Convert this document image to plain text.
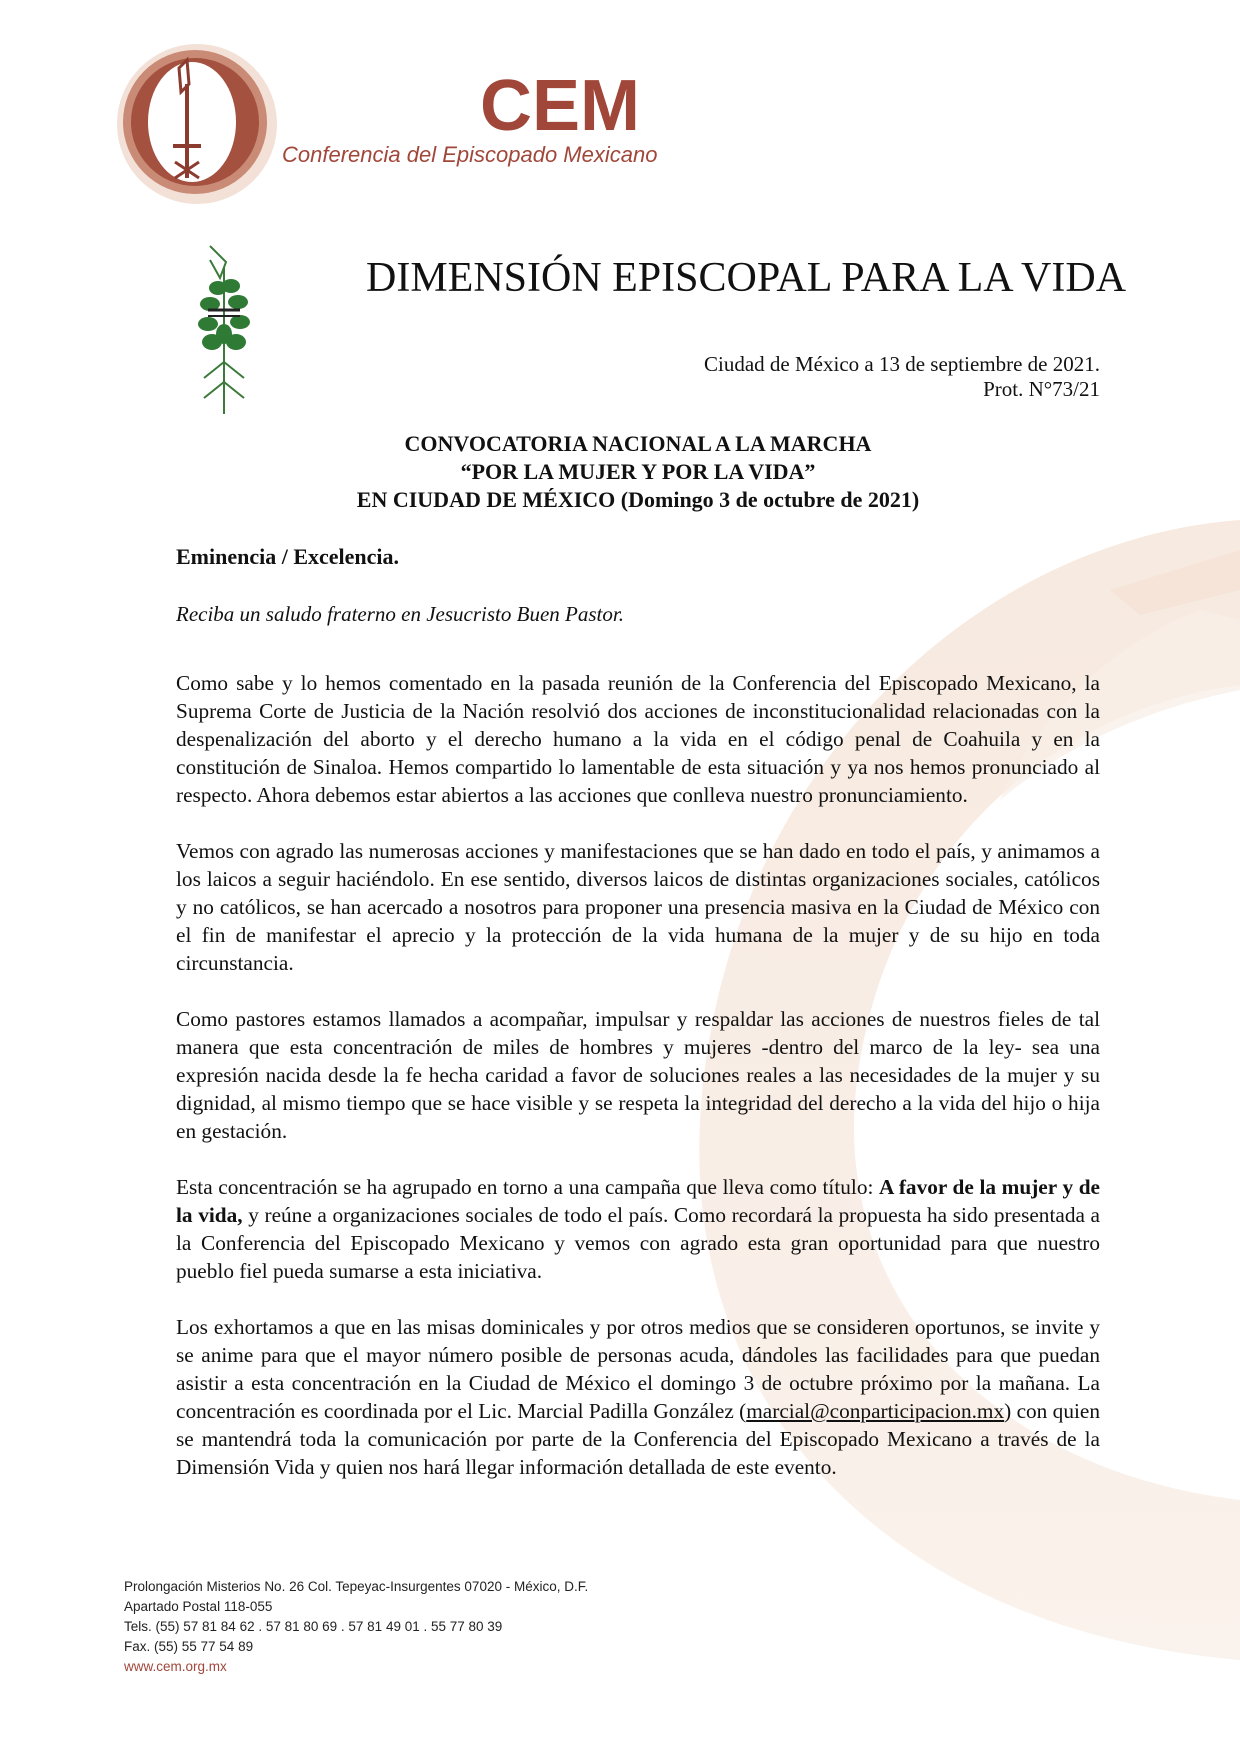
CEM
Conferencia del Episcopado Mexicano
DIMENSIÓN EPISCOPAL PARA LA VIDA
Ciudad de México a 13 de septiembre de 2021.
Prot. N°73/21
CONVOCATORIA NACIONAL A LA MARCHA
“POR LA MUJER Y POR LA VIDA”
EN CIUDAD DE MÉXICO (Domingo 3 de octubre de 2021)
Eminencia / Excelencia.
Reciba un saludo fraterno en Jesucristo Buen Pastor.

Como sabe y lo hemos comentado en la pasada reunión de la Conferencia del Episcopado Mexicano, la Suprema Corte de Justicia de la Nación resolvió dos acciones de inconstitucionalidad relacionadas con la despenalización del aborto y el derecho humano a la vida en el código penal de Coahuila y en la constitución de Sinaloa. Hemos compartido lo lamentable de esta situación y ya nos hemos pronunciado al respecto. Ahora debemos estar abiertos a las acciones que conlleva nuestro pronunciamiento.

Vemos con agrado las numerosas acciones y manifestaciones que se han dado en todo el país, y animamos a los laicos a seguir haciéndolo. En ese sentido, diversos laicos de distintas organizaciones sociales, católicos y no católicos, se han acercado a nosotros para proponer una presencia masiva en la Ciudad de México con el fin de manifestar el aprecio y la protección de la vida humana de la mujer y de su hijo en toda circunstancia.

Como pastores estamos llamados a acompañar, impulsar y respaldar las acciones de nuestros fieles de tal manera que esta concentración de miles de hombres y mujeres -dentro del marco de la ley- sea una expresión nacida desde la fe hecha caridad a favor de soluciones reales a las necesidades de la mujer y su dignidad, al mismo tiempo que se hace visible y se respeta la integridad del derecho a la vida del hijo o hija en gestación.

Esta concentración se ha agrupado en torno a una campaña que lleva como título: A favor de la mujer y de la vida, y reúne a organizaciones sociales de todo el país. Como recordará la propuesta ha sido presentada a la Conferencia del Episcopado Mexicano y vemos con agrado esta gran oportunidad para que nuestro pueblo fiel pueda sumarse a esta iniciativa.

Los exhortamos a que en las misas dominicales y por otros medios que se consideren oportunos, se invite y se anime para que el mayor número posible de personas acuda, dándoles las facilidades para que puedan asistir a esta concentración en la Ciudad de México el domingo 3 de octubre próximo por la mañana. La concentración es coordinada por el Lic. Marcial Padilla González (marcial@conparticipacion.mx) con quien se mantendrá toda la comunicación por parte de la Conferencia del Episcopado Mexicano a través de la Dimensión Vida y quien nos hará llegar información detallada de este evento.

Prolongación Misterios No. 26 Col. Tepeyac-Insurgentes 07020 - México, D.F.
Apartado Postal 118-055
Tels. (55) 57 81 84 62 . 57 81 80 69 . 57 81 49 01 . 55 77 80 39
Fax. (55) 55 77 54 89
www.cem.org.mx
